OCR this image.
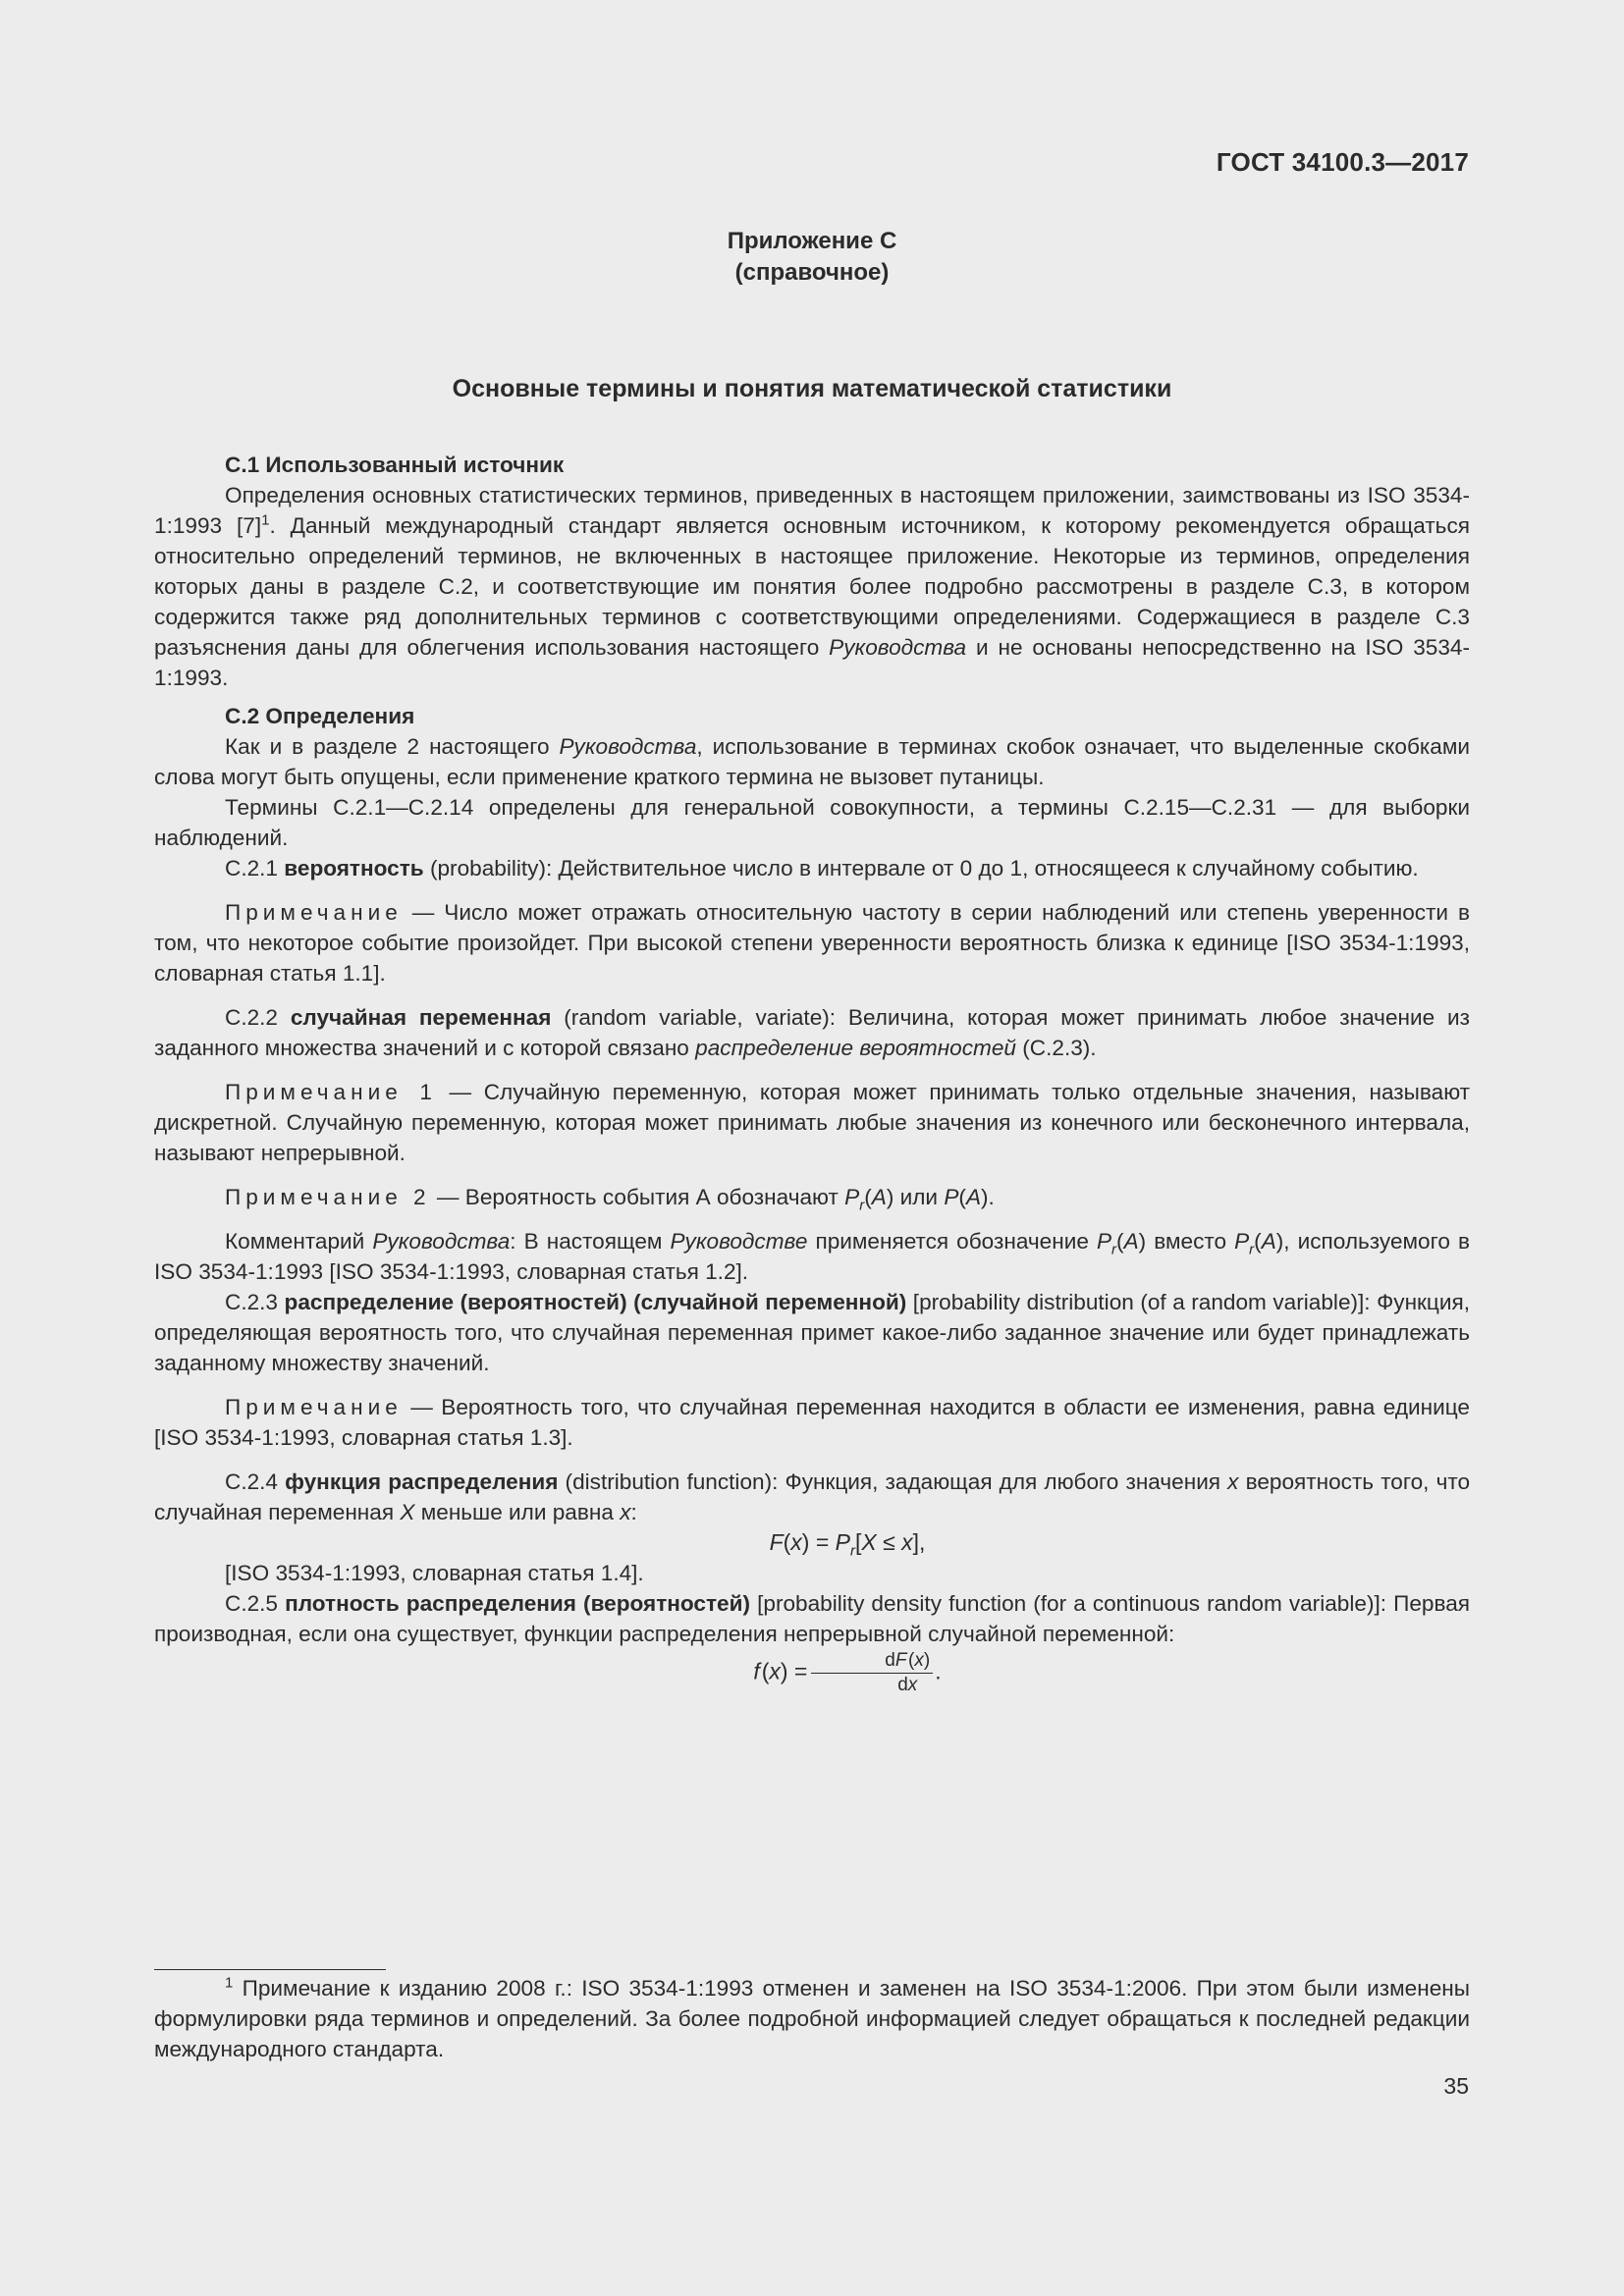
ГОСТ 34100.3—2017
Приложение С
(справочное)
Основные термины и понятия математической статистики

С.1 Использованный источник

Определения основных статистических терминов, приведенных в настоящем приложении, заимствованы из ISO 3534-1:1993 $[7]^1$. Данный международный стандарт является основным источником, к которому рекомендуется обращаться относительно определений терминов, не включенных в настоящее приложение. Некоторые из терминов, определения которых даны в разделе С.2, и соответствующие им понятия более подробно рассмотрены в разделе С.3, в котором содержится также ряд дополнительных терминов с соответствующими определениями. Содержащиеся в разделе С.3 разъяснения даны для облегчения использования настоящего Руководства и не основаны непосредственно на ISO 3534-1:1993.

С.2 Определения

Как и в разделе 2 настоящего Руководства, использование в терминах скобок означает, что выделенные скобками слова могут быть опущены, если применение краткого термина не вызовет путаницы.

Термины С.2.1—С.2.14 определены для генеральной совокупности, а термины С.2.15—С.2.31 — для выборки наблюдений.

С.2.1 вероятность (probability): Действительное число в интервале от 0 до 1, относящееся к случайному событию.

Примечание — Число может отражать относительную частоту в серии наблюдений или степень уверенности в том, что некоторое событие произойдет. При высокой степени уверенности вероятность близка к единице [ISO 3534-1:1993, словарная статья 1.1].

С.2.2 случайная переменная (random variable, variate): Величина, которая может принимать любое значение из заданного множества значений и с которой связано распределение вероятностей (С.2.3).

Примечание 1 — Случайную переменную, которая может принимать только отдельные значения, называют дискретной. Случайную переменную, которая может принимать любые значения из конечного или бесконечного интервала, называют непрерывной.

Примечание 2 — Вероятность события А обозначают $P_r(A)$ или P(A).

Комментарий Руководства: В настоящем Руководстве применяется обозначение $P_r(A)$ вместо $P_r(A)$, используемого в ISO 3534-1:1993 [ISO 3534-1:1993, словарная статья 1.2].

С.2.3 распределение (вероятностей) (случайной переменной) [probability distribution (of a random variable)]: Функция, определяющая вероятность того, что случайная переменная примет какое-либо заданное значение или будет принадлежать заданному множеству значений.

Примечание — Вероятность того, что случайная переменная находится в области ее изменения, равна единице [ISO 3534-1:1993, словарная статья 1.3].

С.2.4 функция распределения (distribution function): Функция, задающая для любого значения x вероятность того, что случайная переменная X меньше или равна x:

$F(x) = P_r[X \le x]$,

[ISO 3534-1:1993, словарная статья 1.4].

С.2.5 плотность распределения (вероятностей) [probability density function (for a continuous random variable)]: Первая производная, если она существует, функции распределения непрерывной случайной переменной:

f (x) =  $\frac{dF (x)}{dx}$ .

$^1$ Примечание к изданию 2008 г.: ISO 3534-1:1993 отменен и заменен на ISO 3534-1:2006. При этом были изменены формулировки ряда терминов и определений. За более подробной информацией следует обращаться к последней редакции международного стандарта.

35
